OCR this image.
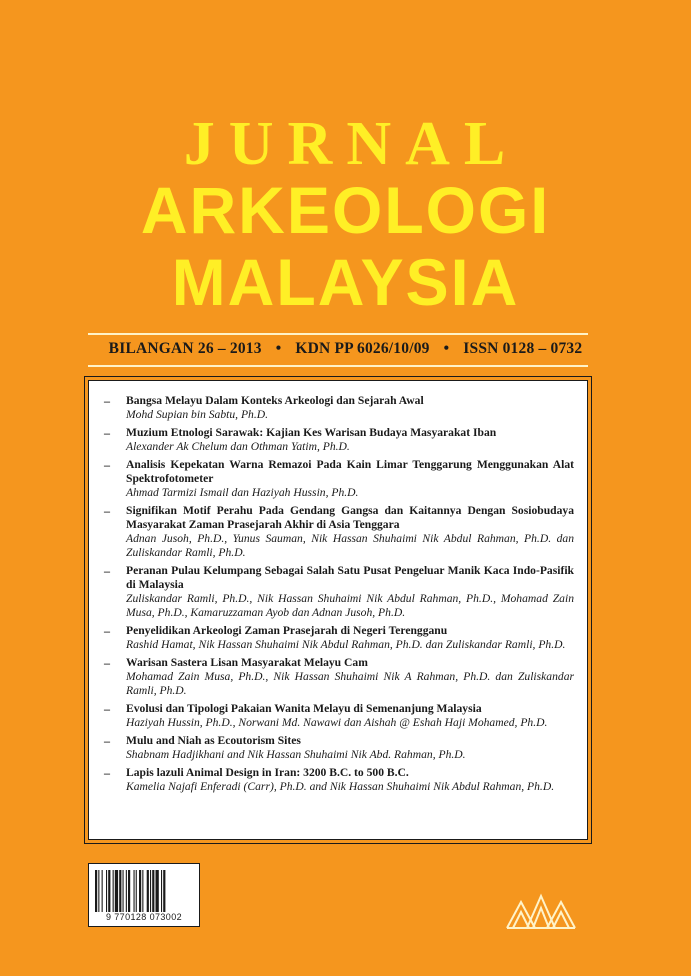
JURNAL
ARKEOLOGI
MALAYSIA
BILANGAN 26 – 2013 • KDN PP 6026/10/09 • ISSN 0128 – 0732
– Bangsa Melayu Dalam Konteks Arkeologi dan Sejarah Awal
Mohd Supian bin Sabtu, Ph.D.
– Muzium Etnologi Sarawak: Kajian Kes Warisan Budaya Masyarakat Iban
Alexander Ak Chelum dan Othman Yatim, Ph.D.
– Analisis Kepekatan Warna Remazoi Pada Kain Limar Tenggarung Menggunakan Alat Spektrofotometer
Ahmad Tarmizi Ismail dan Haziyah Hussin, Ph.D.
– Signifikan Motif Perahu Pada Gendang Gangsa dan Kaitannya Dengan Sosiobudaya Masyarakat Zaman Prasejarah Akhir di Asia Tenggara
Adnan Jusoh, Ph.D., Yunus Sauman, Nik Hassan Shuhaimi Nik Abdul Rahman, Ph.D. dan Zuliskandar Ramli, Ph.D.
– Peranan Pulau Kelumpang Sebagai Salah Satu Pusat Pengeluar Manik Kaca Indo-Pasifik di Malaysia
Zuliskandar Ramli, Ph.D., Nik Hassan Shuhaimi Nik Abdul Rahman, Ph.D., Mohamad Zain Musa, Ph.D., Kamaruzzaman Ayob dan Adnan Jusoh, Ph.D.
– Penyelidikan Arkeologi Zaman Prasejarah di Negeri Terengganu
Rashid Hamat, Nik Hassan Shuhaimi Nik Abdul Rahman, Ph.D. dan Zuliskandar Ramli, Ph.D.
– Warisan Sastera Lisan Masyarakat Melayu Cam
Mohamad Zain Musa, Ph.D., Nik Hassan Shuhaimi Nik A Rahman, Ph.D. dan Zuliskandar Ramli, Ph.D.
– Evolusi dan Tipologi Pakaian Wanita Melayu di Semenanjung Malaysia
Haziyah Hussin, Ph.D., Norwani Md. Nawawi dan Aishah @ Eshah Haji Mohamed, Ph.D.
– Mulu and Niah as Ecoutorism Sites
Shabnam Hadjikhani and Nik Hassan Shuhaimi Nik Abd. Rahman, Ph.D.
– Lapis lazuli Animal Design in Iran: 3200 B.C. to 500 B.C.
Kamelia Najafi Enferadi (Carr), Ph.D. and Nik Hassan Shuhaimi Nik Abdul Rahman, Ph.D.
9 770128 073002
